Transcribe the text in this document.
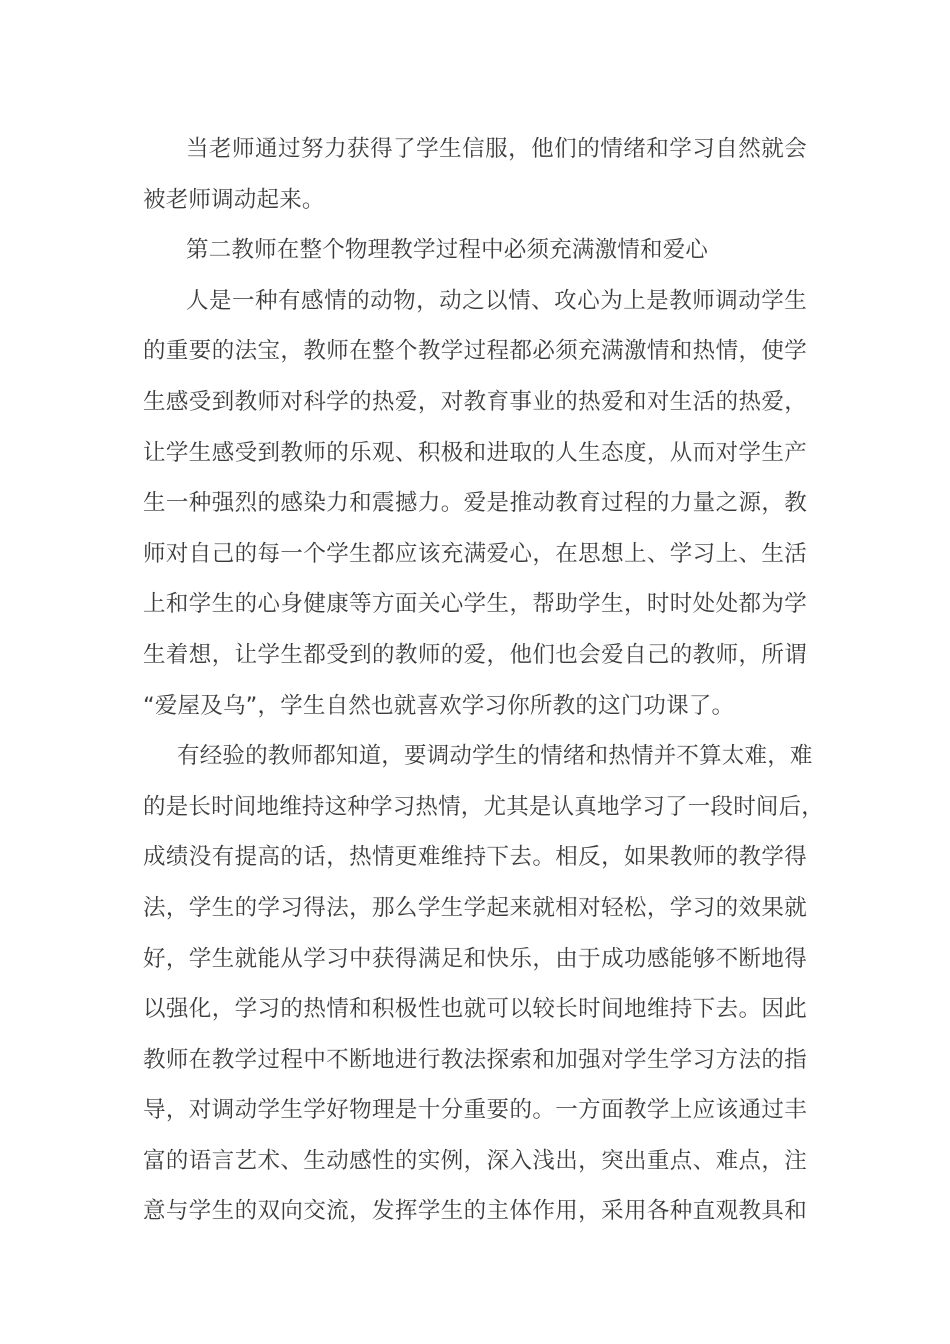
当老师通过努力获得了学生信服，他们的情绪和学习自然就会
被老师调动起来。
第二教师在整个物理教学过程中必须充满激情和爱心
人是一种有感情的动物，动之以情、攻心为上是教师调动学生
的重要的法宝，教师在整个教学过程都必须充满激情和热情，使学
生感受到教师对科学的热爱，对教育事业的热爱和对生活的热爱，
让学生感受到教师的乐观、积极和进取的人生态度，从而对学生产
生一种强烈的感染力和震撼力。爱是推动教育过程的力量之源，教
师对自己的每一个学生都应该充满爱心，在思想上、学习上、生活
上和学生的心身健康等方面关心学生，帮助学生，时时处处都为学
生着想，让学生都受到的教师的爱，他们也会爱自己的教师，所谓
“爱屋及乌”，学生自然也就喜欢学习你所教的这门功课了。
有经验的教师都知道，要调动学生的情绪和热情并不算太难，难
的是长时间地维持这种学习热情，尤其是认真地学习了一段时间后，
成绩没有提高的话，热情更难维持下去。相反，如果教师的教学得
法，学生的学习得法，那么学生学起来就相对轻松，学习的效果就
好，学生就能从学习中获得满足和快乐，由于成功感能够不断地得
以强化，学习的热情和积极性也就可以较长时间地维持下去。因此
教师在教学过程中不断地进行教法探索和加强对学生学习方法的指
导，对调动学生学好物理是十分重要的。一方面教学上应该通过丰
富的语言艺术、生动感性的实例，深入浅出，突出重点、难点，注
意与学生的双向交流，发挥学生的主体作用，采用各种直观教具和
